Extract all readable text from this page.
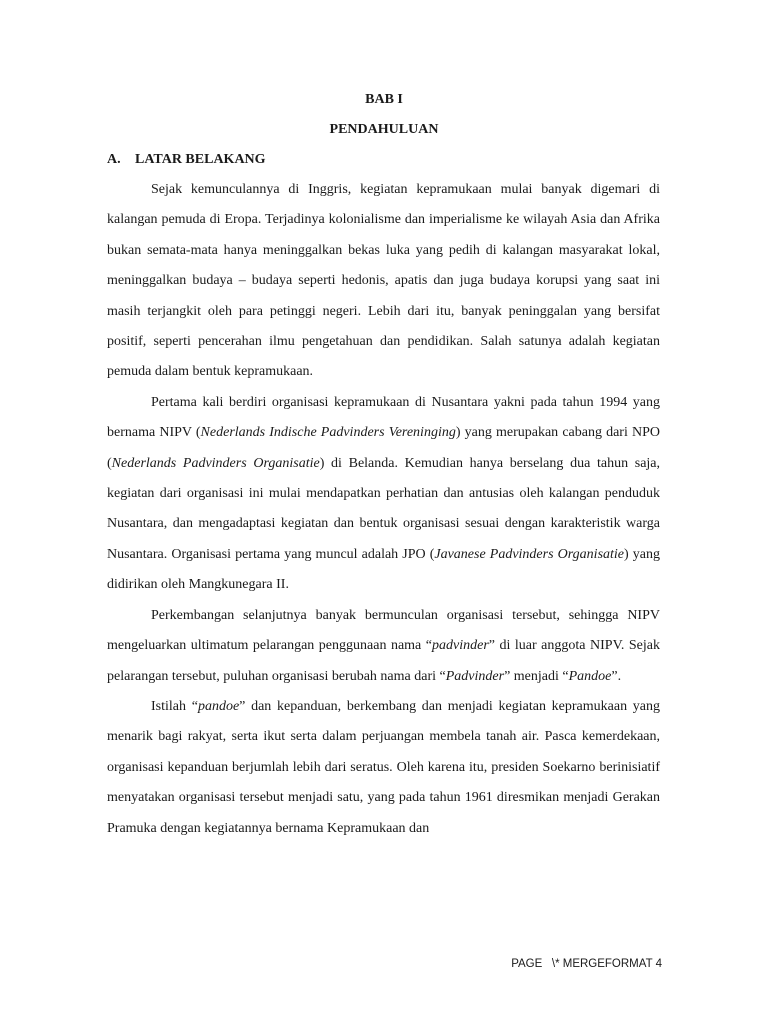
BAB I
PENDAHULUAN
A. LATAR BELAKANG

Sejak kemunculannya di Inggris, kegiatan kepramukaan mulai banyak digemari di kalangan pemuda di Eropa. Terjadinya kolonialisme dan imperialisme ke wilayah Asia dan Afrika bukan semata-mata hanya meninggalkan bekas luka yang pedih di kalangan masyarakat lokal, meninggalkan budaya – budaya seperti hedonis, apatis dan juga budaya korupsi yang saat ini masih terjangkit oleh para petinggi negeri. Lebih dari itu, banyak peninggalan yang bersifat positif, seperti pencerahan ilmu pengetahuan dan pendidikan. Salah satunya adalah kegiatan pemuda dalam bentuk kepramukaan.

Pertama kali berdiri organisasi kepramukaan di Nusantara yakni pada tahun 1994 yang bernama NIPV (Nederlands Indische Padvinders Vereninging) yang merupakan cabang dari NPO (Nederlands Padvinders Organisatie) di Belanda. Kemudian hanya berselang dua tahun saja, kegiatan dari organisasi ini mulai mendapatkan perhatian dan antusias oleh kalangan penduduk Nusantara, dan mengadaptasi kegiatan dan bentuk organisasi sesuai dengan karakteristik warga Nusantara. Organisasi pertama yang muncul adalah JPO (Javanese Padvinders Organisatie) yang didirikan oleh Mangkunegara II.

Perkembangan selanjutnya banyak bermunculan organisasi tersebut, sehingga NIPV mengeluarkan ultimatum pelarangan penggunaan nama “padvinder” di luar anggota NIPV. Sejak pelarangan tersebut, puluhan organisasi berubah nama dari “Padvinder” menjadi “Pandoe”.

Istilah “pandoe” dan kepanduan, berkembang dan menjadi kegiatan kepramukaan yang menarik bagi rakyat, serta ikut serta dalam perjuangan membela tanah air. Pasca kemerdekaan, organisasi kepanduan berjumlah lebih dari seratus. Oleh karena itu, presiden Soekarno berinisiatif menyatakan organisasi tersebut menjadi satu, yang pada tahun 1961 diresmikan menjadi Gerakan Pramuka dengan kegiatannya bernama Kepramukaan dan

PAGE   \* MERGEFORMAT 4
